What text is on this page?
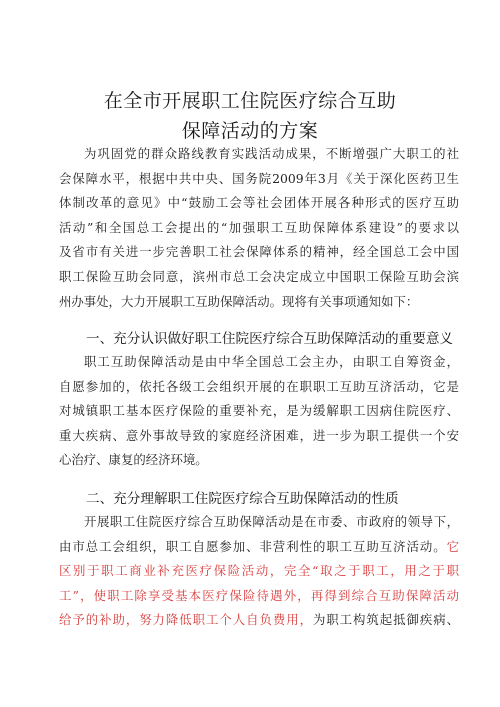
在全市开展职工住院医疗综合互助
保障活动的方案
为巩固党的群众路线教育实践活动成果，不断增强广大职工的社
会保障水平，根据中共中央、国务院2009年3月《关于深化医药卫生
体制改革的意见》中“鼓励工会等社会团体开展各种形式的医疗互助
活动”和全国总工会提出的“加强职工互助保障体系建设”的要求以
及省市有关进一步完善职工社会保障体系的精神，经全国总工会中国
职工保险互助会同意，滨州市总工会决定成立中国职工保险互助会滨
州办事处，大力开展职工互助保障活动。现将有关事项通知如下：
一、充分认识做好职工住院医疗综合互助保障活动的重要意义
职工互助保障活动是由中华全国总工会主办，由职工自筹资金，
自愿参加的，依托各级工会组织开展的在职职工互助互济活动，它是
对城镇职工基本医疗保险的重要补充，是为缓解职工因病住院医疗、
重大疾病、意外事故导致的家庭经济困难，进一步为职工提供一个安
心治疗、康复的经济环境。
二、充分理解职工住院医疗综合互助保障活动的性质
开展职工住院医疗综合互助保障活动是在市委、市政府的领导下，
由市总工会组织，职工自愿参加、非营利性的职工互助互济活动。它
区别于职工商业补充医疗保险活动，完全“取之于职工，用之于职
工”，使职工除享受基本医疗保险待遇外，再得到综合互助保障活动
给予的补助，努力降低职工个人自负费用，为职工构筑起抵御疾病、
